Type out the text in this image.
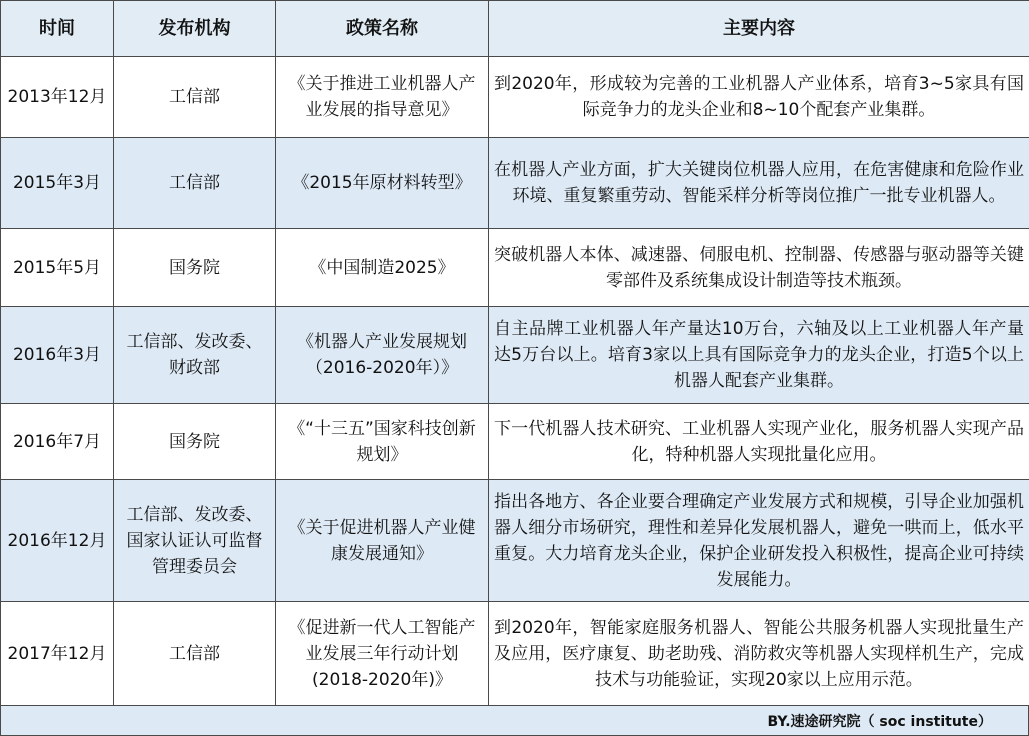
时间	发布机构	政策名称	主要内容
2013年12月	工信部	《关于推进工业机器人产业发展的指导意见》	到2020年，形成较为完善的工业机器人产业体系，培育3~5家具有国际竞争力的龙头企业和8~10个配套产业集群。
2015年3月	工信部	《2015年原材料转型》	在机器人产业方面，扩大关键岗位机器人应用，在危害健康和危险作业环境、重复繁重劳动、智能采样分析等岗位推广一批专业机器人。
2015年5月	国务院	《中国制造2025》	突破机器人本体、减速器、伺服电机、控制器、传感器与驱动器等关键零部件及系统集成设计制造等技术瓶颈。
2016年3月	工信部、发改委、财政部	《机器人产业发展规划（2016-2020年）》	自主品牌工业机器人年产量达10万台，六轴及以上工业机器人年产量达5万台以上。培育3家以上具有国际竞争力的龙头企业，打造5个以上机器人配套产业集群。
2016年7月	国务院	《“十三五”国家科技创新规划》	下一代机器人技术研究、工业机器人实现产业化，服务机器人实现产品化，特种机器人实现批量化应用。
2016年12月	工信部、发改委、国家认证认可监督管理委员会	《关于促进机器人产业健康发展通知》	指出各地方、各企业要合理确定产业发展方式和规模，引导企业加强机器人细分市场研究，理性和差异化发展机器人，避免一哄而上，低水平重复。大力培育龙头企业，保护企业研发投入积极性，提高企业可持续发展能力。
2017年12月	工信部	《促进新一代人工智能产业发展三年行动计划(2018-2020年)》	到2020年，智能家庭服务机器人、智能公共服务机器人实现批量生产及应用，医疗康复、助老助残、消防救灾等机器人实现样机生产，完成技术与功能验证，实现20家以上应用示范。
BY.速途研究院（ soc institute）
